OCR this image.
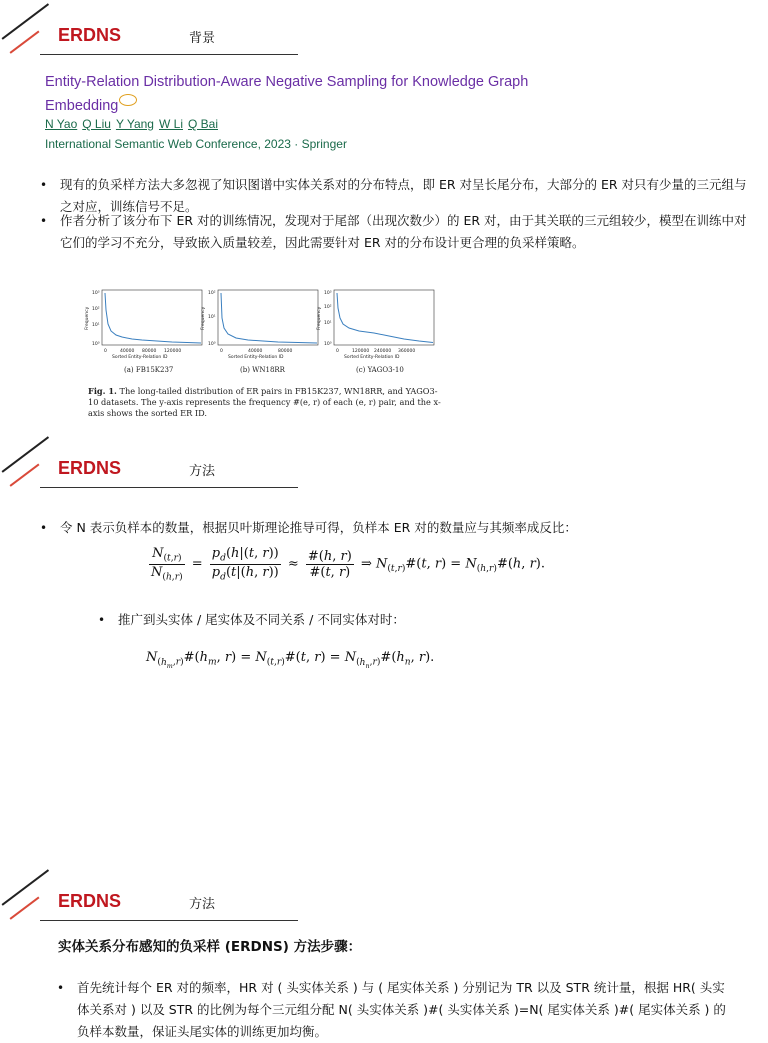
ERDNS	背景
Entity-Relation Distribution-Aware Negative Sampling for Knowledge Graph Embedding
N Yao Q Liu Y Yang W Li Q Bai
International Semantic Web Conference, 2023 · Springer
• 现有的负采样方法大多忽视了知识图谱中实体关系对的分布特点，即 ER 对呈长尾分布，大部分的 ER 对只有少量的三元组与之对应，训练信号不足。
• 作者分析了该分布下 ER 对的训练情况，发现对于尾部（出现次数少）的 ER 对，由于其关联的三元组较少，模型在训练中对它们的学习不充分，导致嵌入质量较差，因此需要针对 ER 对的分布设计更合理的负采样策略。
10³
10²
10¹
10⁰
0	40000 80000 120000
Sorted Entity-Relation ID
Frequency
(a) FB15K237
10²
10¹
10⁰
0	40000	80000
Sorted Entity-Relation ID
Frequency
(b) WN18RR
10³
10²
10¹
10⁰
0	120000 240000 360000
Sorted Entity-Relation ID
Frequency
(c) YAGO3-10
Fig. 1. The long-tailed distribution of ER pairs in FB15K237, WN18RR, and YAGO3-10 datasets. The y-axis represents the frequency #(e, r) of each (e, r) pair, and the x-axis shows the sorted ER ID.
ERDNS	方法
• 令 N 表示负样本的数量，根据贝叶斯理论推导可得，负样本 ER 对的数量应与其频率成反比：
$\frac{N_{(t,r)}}{N_{(h,r)}} = \frac{p_d(h|(t, r))}{p_d(t|(h, r))} \approx \frac{\#(h, r)}{\#(t, r)}$ ⇒ $N_{(t,r)}\#(t$, $r) = N_{(h,r)}\#(h$, r).
• 推广到头实体 / 尾实体及不同关系 / 不同实体对时：
$N_{(h_m,r)}\#(h_m$, $r) = N_{(t,r)}\#(t$, $r) = N_{(h_n,r)}\#(h_n$, r).
ERDNS	方法
实体关系分布感知的负采样 (ERDNS) 方法步骤：
• 首先统计每个 ER 对的频率，HR 对 ( 头实体关系 ) 与 ( 尾实体关系 ) 分别记为 TR 以及 STR 统计量，根据 HR( 头实体关系对 ) 以及 STR 的比例为每个三元组分配 N( 头实体关系 )#( 头实体关系 )=N( 尾实体关系 )#( 尾实体关系 ) 的负样本数量，保证头尾实体的训练更加均衡。
